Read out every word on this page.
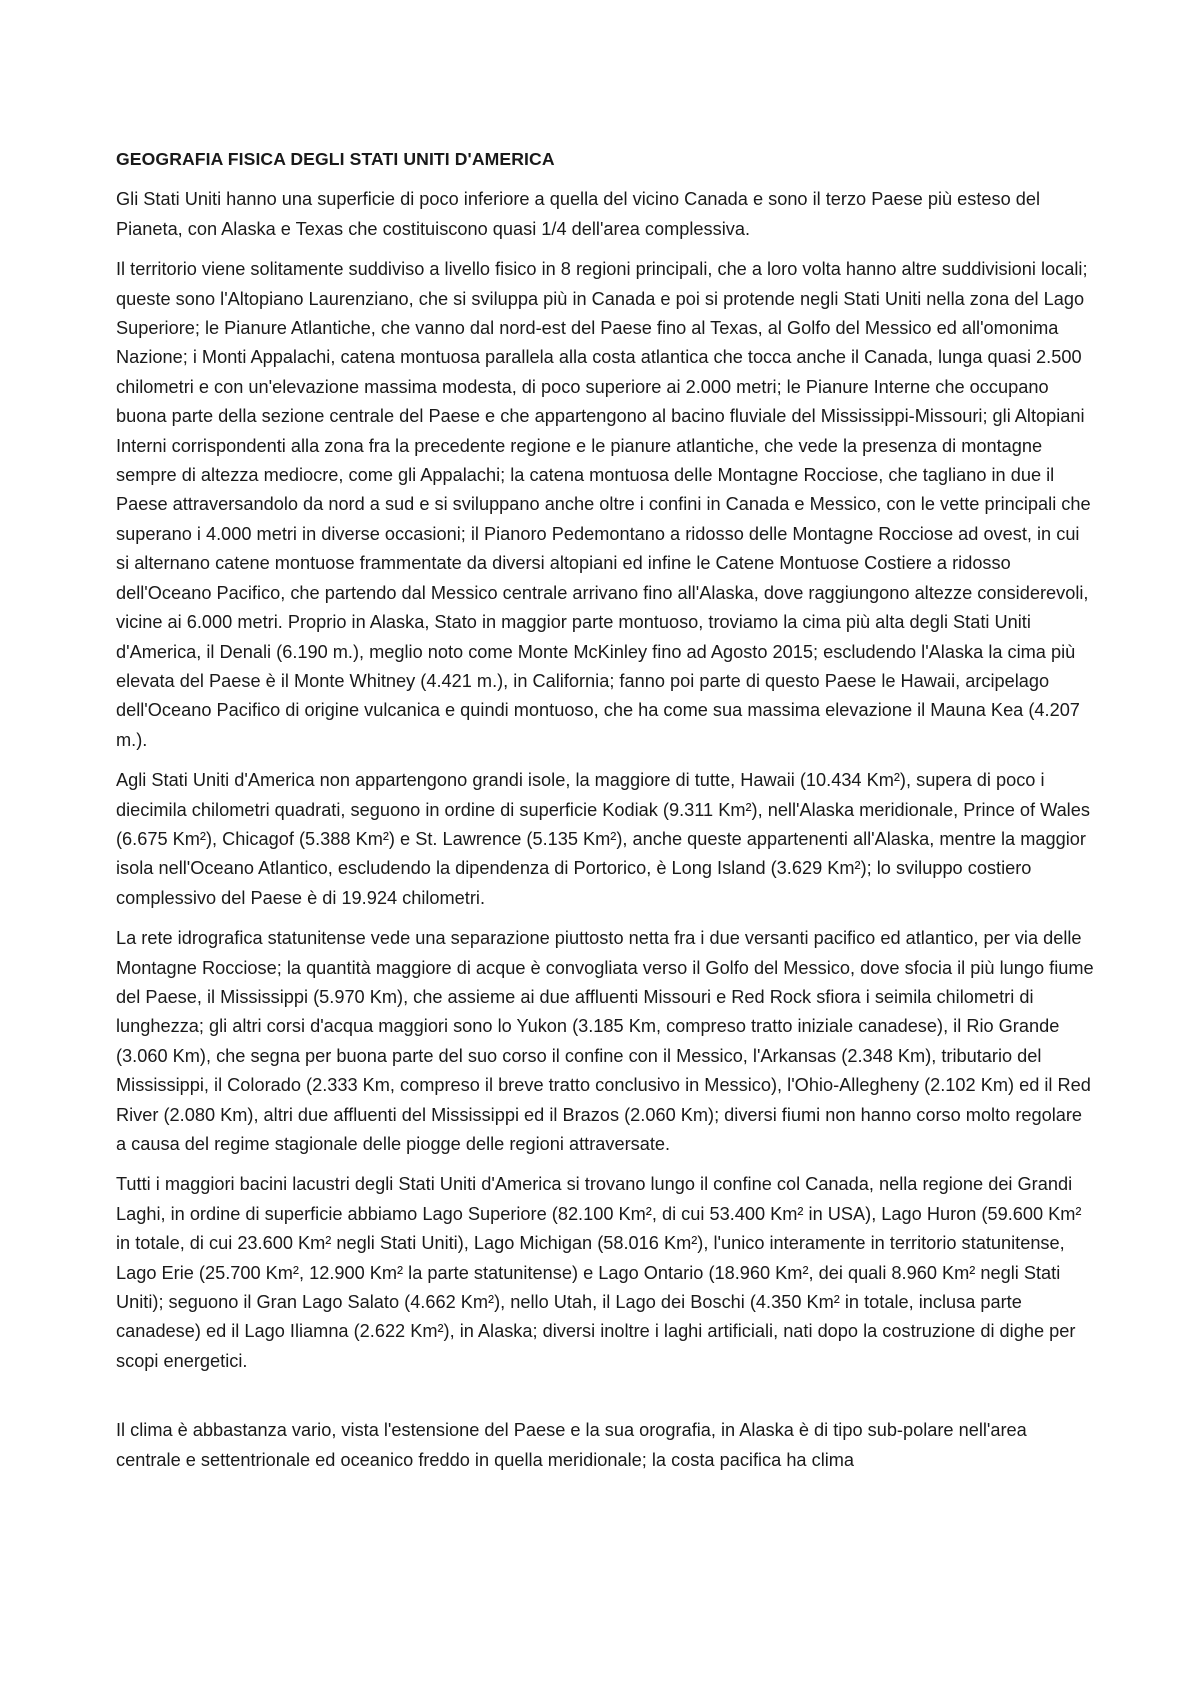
GEOGRAFIA FISICA DEGLI STATI UNITI D'AMERICA
Gli Stati Uniti hanno una superficie di poco inferiore a quella del vicino Canada e sono il terzo Paese più esteso del Pianeta, con Alaska e Texas che costituiscono quasi 1/4 dell'area complessiva.
Il territorio viene solitamente suddiviso a livello fisico in 8 regioni principali, che a loro volta hanno altre suddivisioni locali; queste sono l'Altopiano Laurenziano, che si sviluppa più in Canada e poi si protende negli Stati Uniti nella zona del Lago Superiore; le Pianure Atlantiche, che vanno dal nord-est del Paese fino al Texas, al Golfo del Messico ed all'omonima Nazione; i Monti Appalachi, catena montuosa parallela alla costa atlantica che tocca anche il Canada, lunga quasi 2.500 chilometri e con un'elevazione massima modesta, di poco superiore ai 2.000 metri; le Pianure Interne che occupano buona parte della sezione centrale del Paese e che appartengono al bacino fluviale del Mississippi-Missouri; gli Altopiani Interni corrispondenti alla zona fra la precedente regione e le pianure atlantiche, che vede la presenza di montagne sempre di altezza mediocre, come gli Appalachi; la catena montuosa delle Montagne Rocciose, che tagliano in due il Paese attraversandolo da nord a sud e si sviluppano anche oltre i confini in Canada e Messico, con le vette principali che superano i 4.000 metri in diverse occasioni; il Pianoro Pedemontano a ridosso delle Montagne Rocciose ad ovest, in cui si alternano catene montuose frammentate da diversi altopiani ed infine le Catene Montuose Costiere a ridosso dell'Oceano Pacifico, che partendo dal Messico centrale arrivano fino all'Alaska, dove raggiungono altezze considerevoli, vicine ai 6.000 metri. Proprio in Alaska, Stato in maggior parte montuoso, troviamo la cima più alta degli Stati Uniti d'America, il Denali (6.190 m.), meglio noto come Monte McKinley fino ad Agosto 2015; escludendo l'Alaska la cima più elevata del Paese è il Monte Whitney (4.421 m.), in California; fanno poi parte di questo Paese le Hawaii, arcipelago dell'Oceano Pacifico di origine vulcanica e quindi montuoso, che ha come sua massima elevazione il Mauna Kea (4.207 m.).
Agli Stati Uniti d'America non appartengono grandi isole, la maggiore di tutte, Hawaii (10.434 Km²), supera di poco i diecimila chilometri quadrati, seguono in ordine di superficie Kodiak (9.311 Km²), nell'Alaska meridionale, Prince of Wales (6.675 Km²), Chicagof (5.388 Km²) e St. Lawrence (5.135 Km²), anche queste appartenenti all'Alaska, mentre la maggior isola nell'Oceano Atlantico, escludendo la dipendenza di Portorico, è Long Island (3.629 Km²); lo sviluppo costiero complessivo del Paese è di 19.924 chilometri.
La rete idrografica statunitense vede una separazione piuttosto netta fra i due versanti pacifico ed atlantico, per via delle Montagne Rocciose; la quantità maggiore di acque è convogliata verso il Golfo del Messico, dove sfocia il più lungo fiume del Paese, il Mississippi (5.970 Km), che assieme ai due affluenti Missouri e Red Rock sfiora i seimila chilometri di lunghezza; gli altri corsi d'acqua maggiori sono lo Yukon (3.185 Km, compreso tratto iniziale canadese), il Rio Grande (3.060 Km), che segna per buona parte del suo corso il confine con il Messico, l'Arkansas (2.348 Km), tributario del Mississippi, il Colorado (2.333 Km, compreso il breve tratto conclusivo in Messico), l'Ohio-Allegheny (2.102 Km) ed il Red River (2.080 Km), altri due affluenti del Mississippi ed il Brazos (2.060 Km); diversi fiumi non hanno corso molto regolare a causa del regime stagionale delle piogge delle regioni attraversate.
Tutti i maggiori bacini lacustri degli Stati Uniti d'America si trovano lungo il confine col Canada, nella regione dei Grandi Laghi, in ordine di superficie abbiamo Lago Superiore (82.100 Km², di cui 53.400 Km² in USA), Lago Huron (59.600 Km² in totale, di cui 23.600 Km² negli Stati Uniti), Lago Michigan (58.016 Km²), l'unico interamente in territorio statunitense, Lago Erie (25.700 Km², 12.900 Km² la parte statunitense) e Lago Ontario (18.960 Km², dei quali 8.960 Km² negli Stati Uniti); seguono il Gran Lago Salato (4.662 Km²), nello Utah, il Lago dei Boschi (4.350 Km² in totale, inclusa parte canadese) ed il Lago Iliamna (2.622 Km²), in Alaska; diversi inoltre i laghi artificiali, nati dopo la costruzione di dighe per scopi energetici.
Il clima è abbastanza vario, vista l'estensione del Paese e la sua orografia, in Alaska è di tipo sub-polare nell'area centrale e settentrionale ed oceanico freddo in quella meridionale; la costa pacifica ha clima
